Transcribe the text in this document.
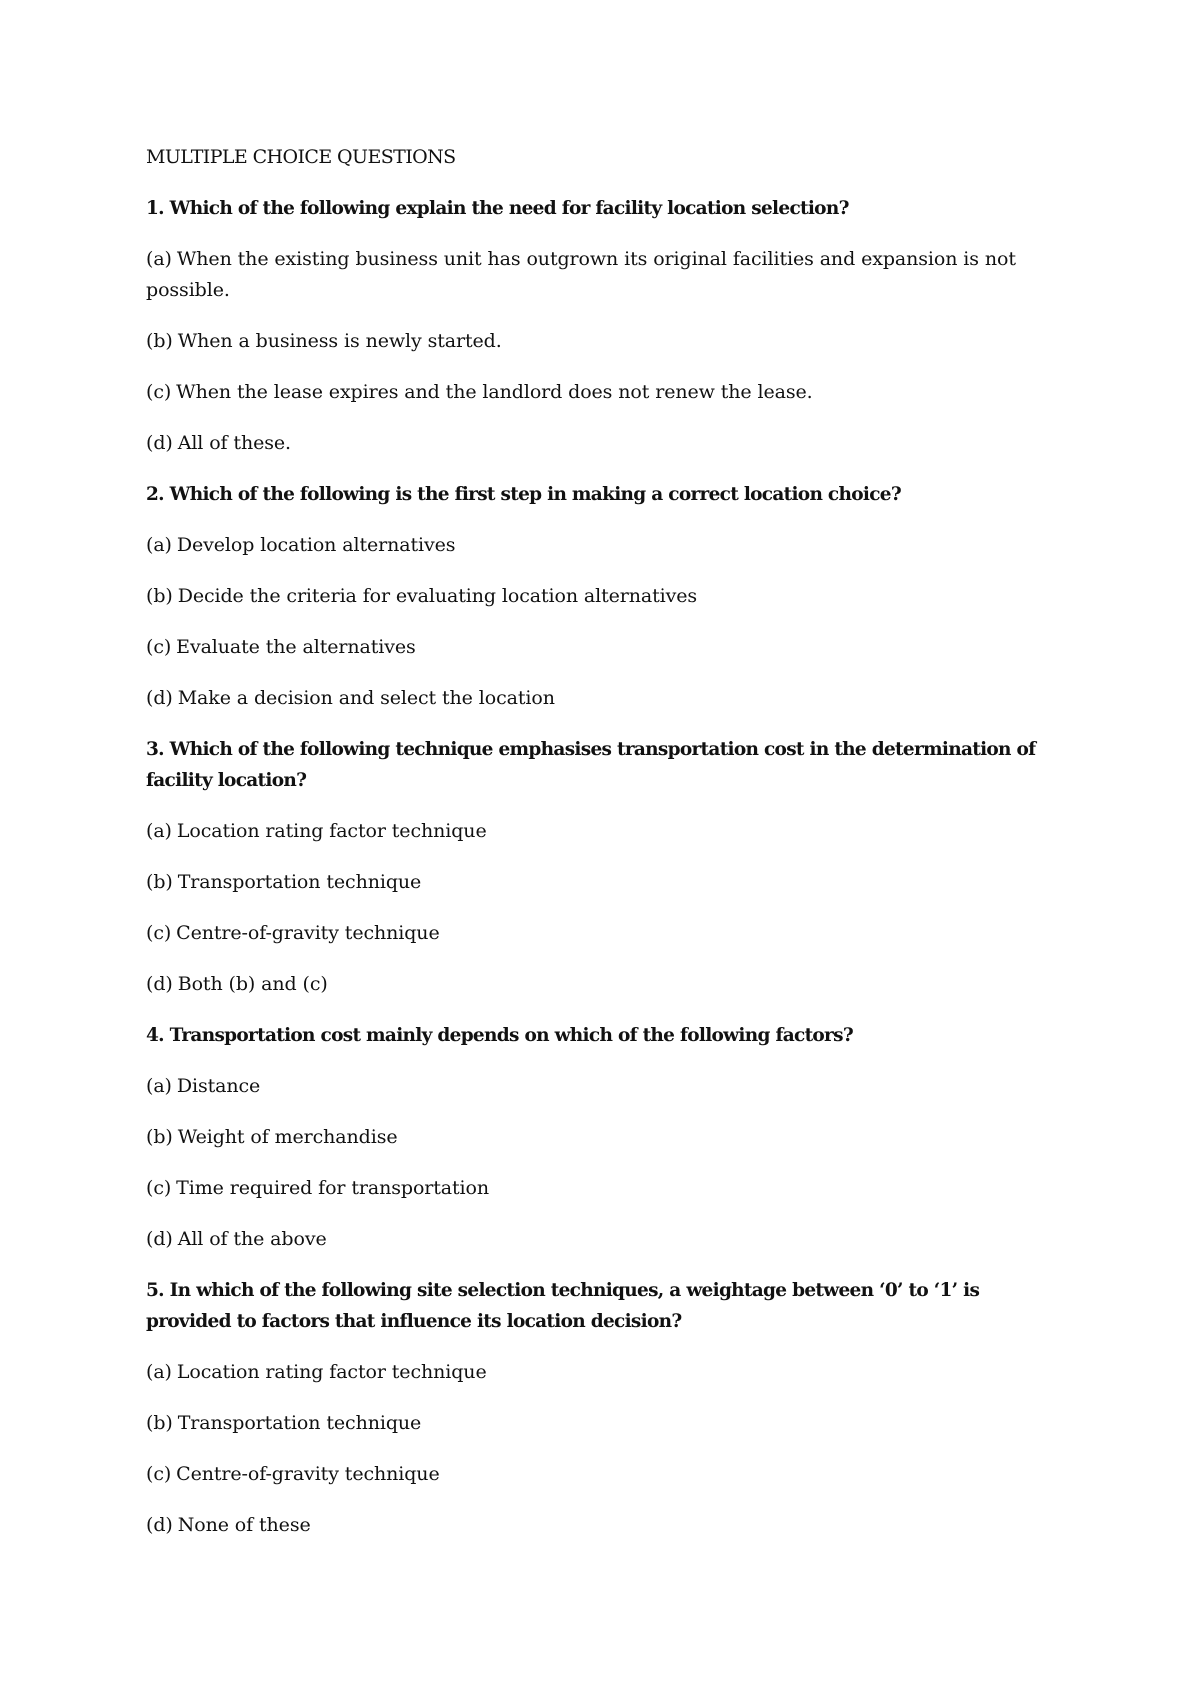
MULTIPLE CHOICE QUESTIONS

1. Which of the following explain the need for facility location selection?

(a) When the existing business unit has outgrown its original facilities and expansion is not possible.

(b) When a business is newly started.

(c) When the lease expires and the landlord does not renew the lease.

(d) All of these.

2. Which of the following is the first step in making a correct location choice?

(a) Develop location alternatives

(b) Decide the criteria for evaluating location alternatives

(c) Evaluate the alternatives

(d) Make a decision and select the location

3. Which of the following technique emphasises transportation cost in the determination of facility location?

(a) Location rating factor technique

(b) Transportation technique

(c) Centre-of-gravity technique

(d) Both (b) and (c)

4. Transportation cost mainly depends on which of the following factors?

(a) Distance

(b) Weight of merchandise

(c) Time required for transportation

(d) All of the above

5. In which of the following site selection techniques, a weightage between ‘0’ to ‘1’ is provided to factors that influence its location decision?

(a) Location rating factor technique

(b) Transportation technique

(c) Centre-of-gravity technique

(d) None of these
